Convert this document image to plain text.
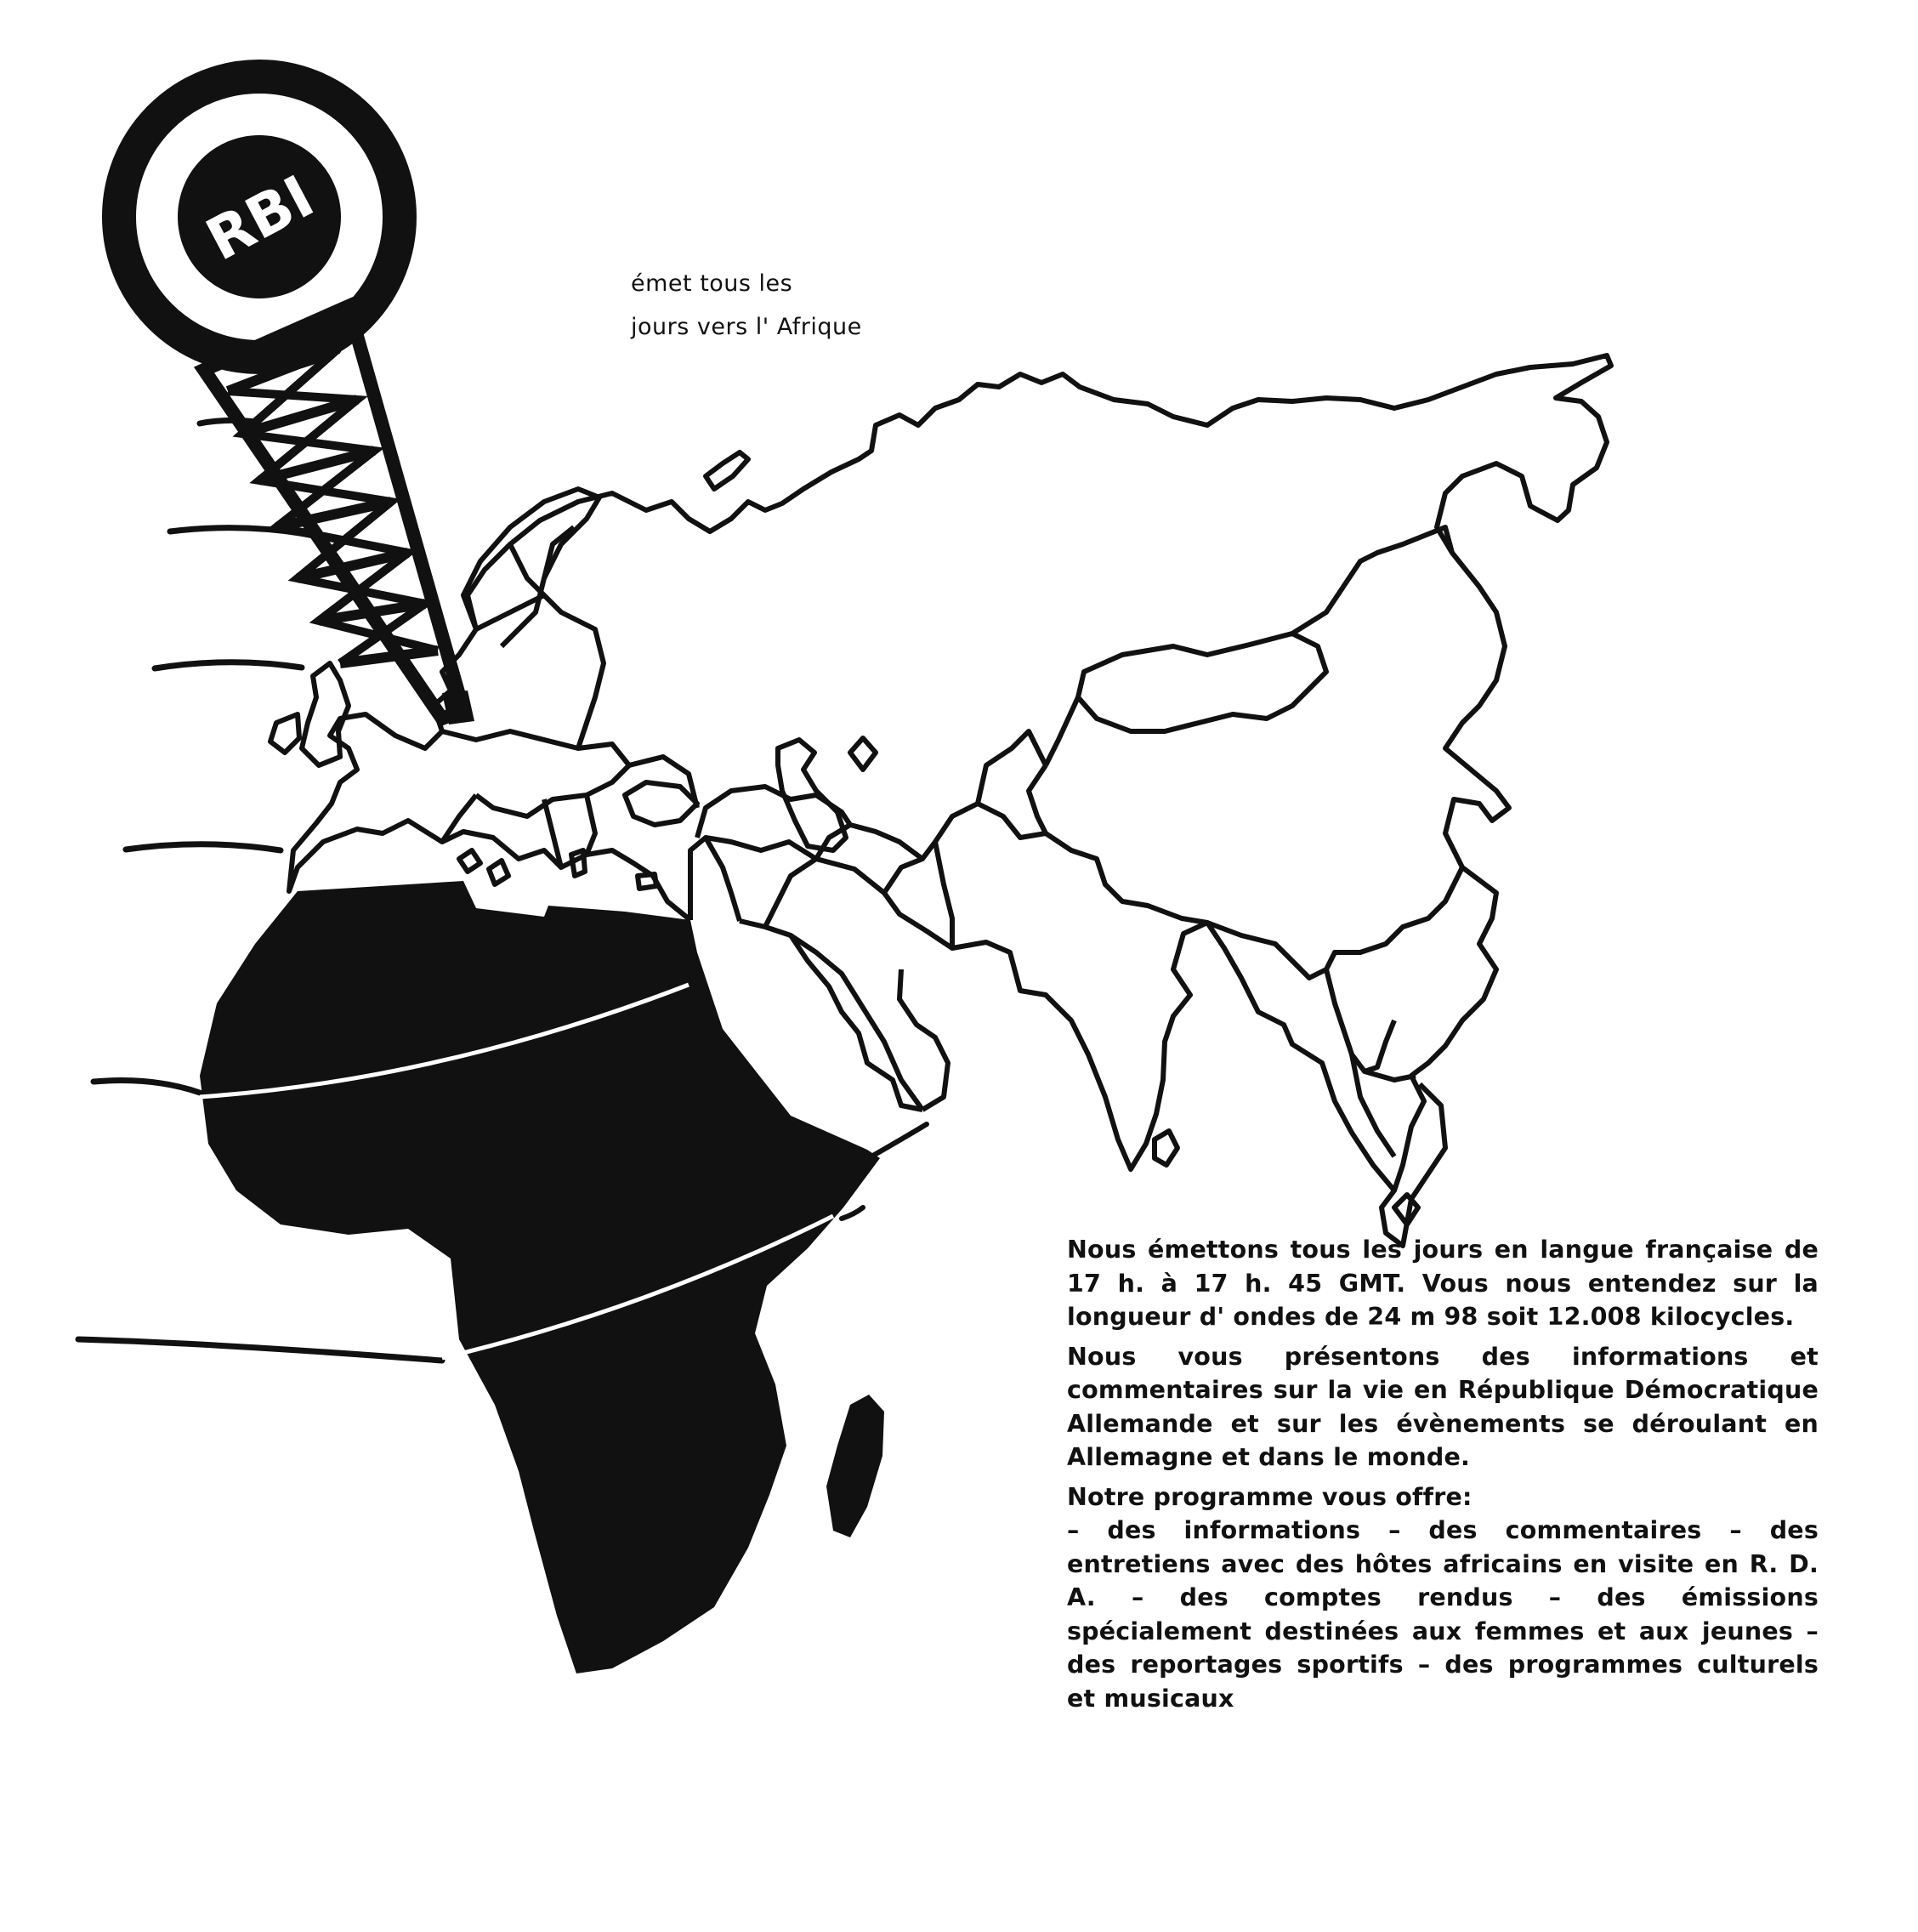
RBI
émet tous les
jours vers l' Afrique

Nous émettons tous les jours en langue française de 17 h. à 17 h. 45 GMT. Vous nous entendez sur la longueur d' ondes de 24 m 98 soit 12.008 kilocycles.

Nous vous présentons des informations et commentaires sur la vie en République Démocratique Allemande et sur les évènements se déroulant en Allemagne et dans le monde.

Notre programme vous offre:

– des informations – des commentaires – des entretiens avec des hôtes africains en visite en R. D. A. – des comptes rendus – des émissions spécialement destinées aux femmes et aux jeunes – des reportages sportifs – des programmes culturels et musicaux
